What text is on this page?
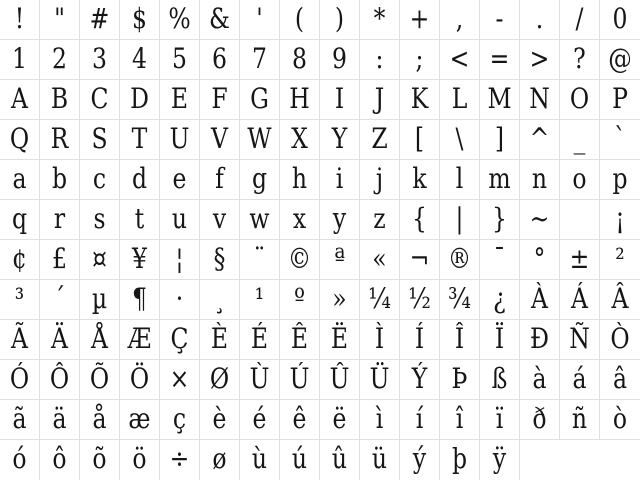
!	" # $ % & '	(	)	* + ,	-	.	/	0
1 2 3 4 5 6 7 8 9	:	; < = > ? @
A B C D E F G H I	J K L M N O P
Q R S T U V W X Y Z [	\	] ^ _	`
a b c d e	f	g h	i	j	k	l m n o p
q r	s	t u v w x y z {	|	} ~	¡
¢ £ ¤ ¥	¦	§	¨ © ª « ¬ ® ¯	° ± ²
³	´ µ ¶	·	¸	¹	º » ¼ ½ ¾ ¿ À Á Â
Ã Ä Å Æ Ç È É Ê Ë Ì	Í	Î	Ï Ð Ñ Ò
Ó Ô Õ Ö × Ø Ù Ú Û Ü Ý Þ ß à á â
ã ä å æ ç è é ê ë	ì	í	î	ï	ð ñ ò
ó ô õ ö ÷ ø ù ú û ü ý þ ÿ
